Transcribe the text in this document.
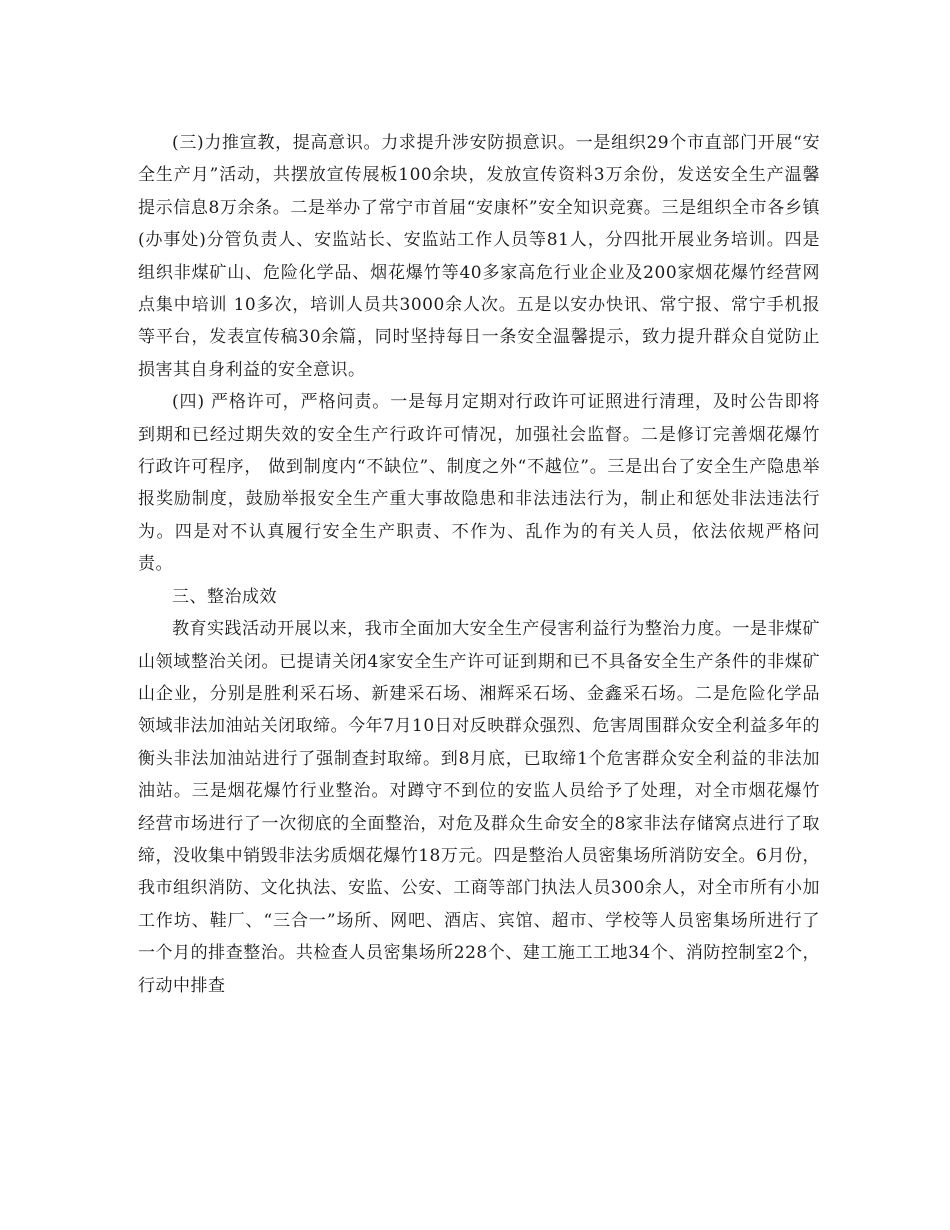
(三)力推宣教，提高意识。力求提升涉安防损意识。一是组织29个市直部门开展“安全生产月”活动，共摆放宣传展板100余块，发放宣传资料3万余份，发送安全生产温馨提示信息8万余条。二是举办了常宁市首届“安康杯”安全知识竞赛。三是组织全市各乡镇(办事处)分管负责人、安监站长、安监站工作人员等81人，分四批开展业务培训。四是组织非煤矿山、危险化学品、烟花爆竹等40多家高危行业企业及200家烟花爆竹经营网点集中培训 10多次，培训人员共3000余人次。五是以安办快讯、常宁报、常宁手机报等平台，发表宣传稿30余篇，同时坚持每日一条安全温馨提示，致力提升群众自觉防止损害其自身利益的安全意识。

(四) 严格许可，严格问责。一是每月定期对行政许可证照进行清理，及时公告即将到期和已经过期失效的安全生产行政许可情况，加强社会监督。二是修订完善烟花爆竹行政许可程序， 做到制度内“不缺位”、制度之外“不越位”。三是出台了安全生产隐患举报奖励制度，鼓励举报安全生产重大事故隐患和非法违法行为，制止和惩处非法违法行为。四是对不认真履行安全生产职责、不作为、乱作为的有关人员，依法依规严格问责。

三、整治成效

教育实践活动开展以来，我市全面加大安全生产侵害利益行为整治力度。一是非煤矿山领域整治关闭。已提请关闭4家安全生产许可证到期和已不具备安全生产条件的非煤矿山企业，分别是胜利采石场、新建采石场、湘辉采石场、金鑫采石场。二是危险化学品领域非法加油站关闭取缔。今年7月10日对反映群众强烈、危害周围群众安全利益多年的衡头非法加油站进行了强制查封取缔。到8月底，已取缔1个危害群众安全利益的非法加油站。三是烟花爆竹行业整治。对蹲守不到位的安监人员给予了处理，对全市烟花爆竹经营市场进行了一次彻底的全面整治，对危及群众生命安全的8家非法存储窝点进行了取缔，没收集中销毁非法劣质烟花爆竹18万元。四是整治人员密集场所消防安全。6月份，我市组织消防、文化执法、安监、公安、工商等部门执法人员300余人，对全市所有小加工作坊、鞋厂、“三合一”场所、网吧、酒店、宾馆、超市、学校等人员密集场所进行了一个月的排查整治。共检查人员密集场所228个、建工施工工地34个、消防控制室2个，行动中排查
